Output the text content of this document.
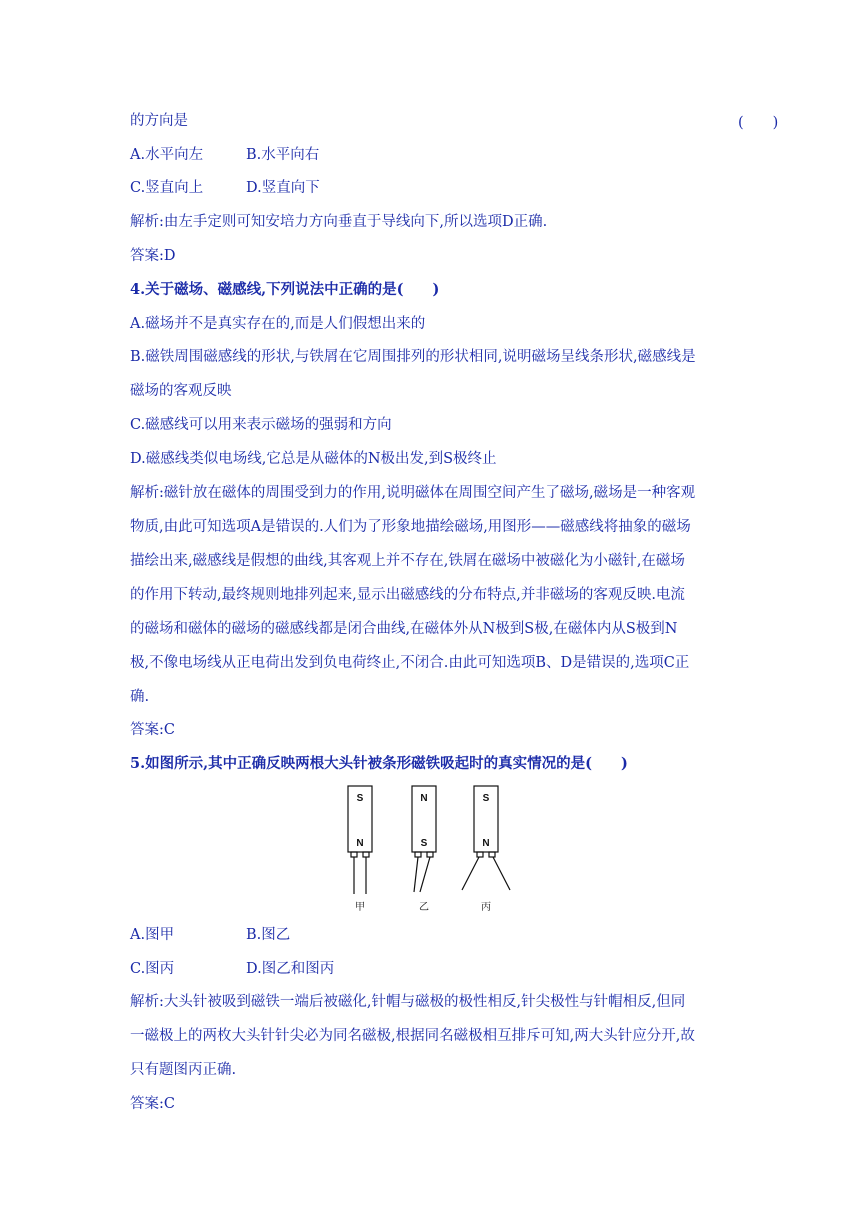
的方向是	(　　)
A.水平向左	B.水平向右
C.竖直向上	D.竖直向下
解析:由左手定则可知安培力方向垂直于导线向下,所以选项D正确.
答案:D
4.关于磁场、磁感线,下列说法中正确的是(　　)
A.磁场并不是真实存在的,而是人们假想出来的
B.磁铁周围磁感线的形状,与铁屑在它周围排列的形状相同,说明磁场呈线条形状,磁感线是
磁场的客观反映
C.磁感线可以用来表示磁场的强弱和方向
D.磁感线类似电场线,它总是从磁体的N极出发,到S极终止
解析:磁针放在磁体的周围受到力的作用,说明磁体在周围空间产生了磁场,磁场是一种客观
物质,由此可知选项A是错误的.人们为了形象地描绘磁场,用图形——磁感线将抽象的磁场
描绘出来,磁感线是假想的曲线,其客观上并不存在,铁屑在磁场中被磁化为小磁针,在磁场
的作用下转动,最终规则地排列起来,显示出磁感线的分布特点,并非磁场的客观反映.电流
的磁场和磁体的磁场的磁感线都是闭合曲线,在磁体外从N极到S极,在磁体内从S极到N
极,不像电场线从正电荷出发到负电荷终止,不闭合.由此可知选项B、D是错误的,选项C正
确.
答案:C
5.如图所示,其中正确反映两根大头针被条形磁铁吸起时的真实情况的是(　　)
S
N
N
S
S
N
甲	乙	丙
A.图甲	B.图乙
C.图丙	D.图乙和图丙
解析:大头针被吸到磁铁一端后被磁化,针帽与磁极的极性相反,针尖极性与针帽相反,但同
一磁极上的两枚大头针针尖必为同名磁极,根据同名磁极相互排斥可知,两大头针应分开,故
只有题图丙正确.
答案:C
